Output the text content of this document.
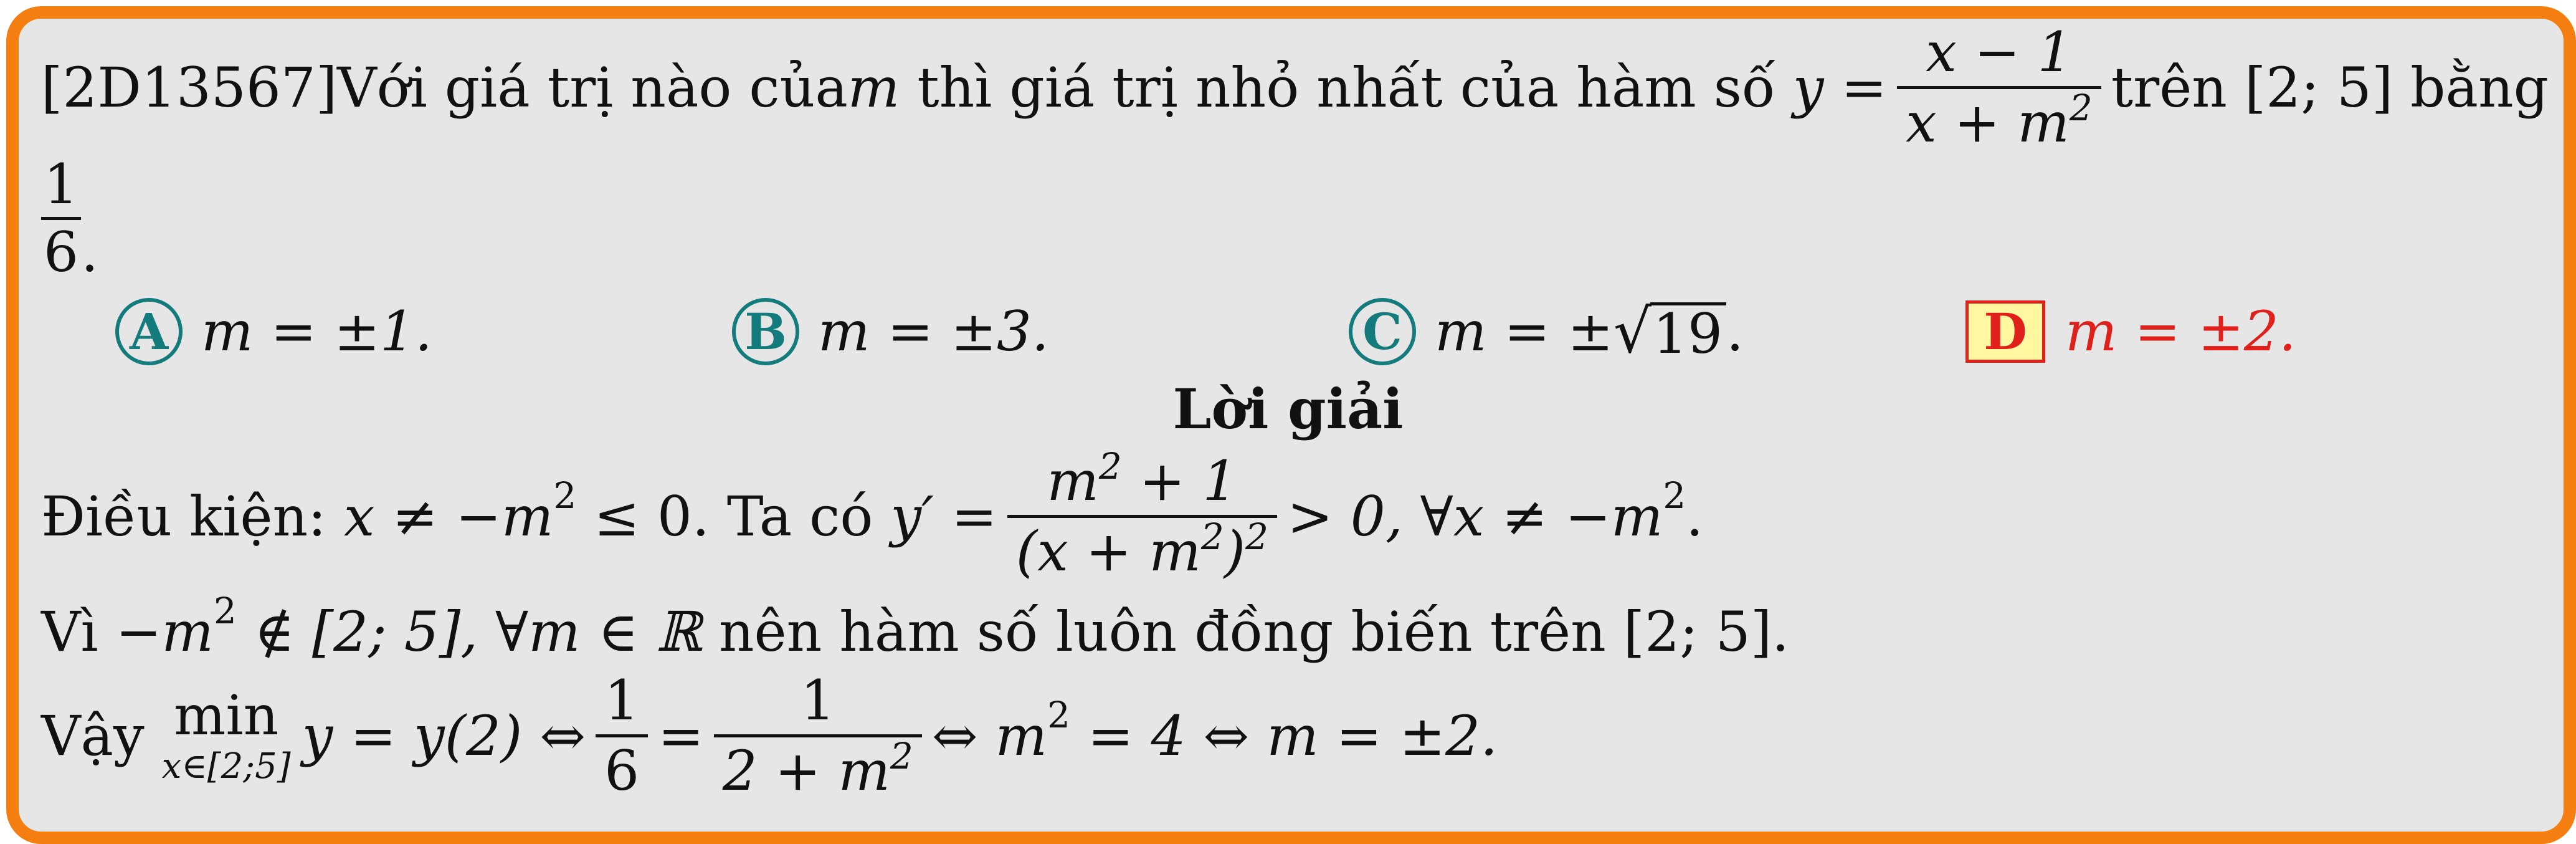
[2D13567] Với giá trị nào của m thì giá trị nhỏ nhất của hàm số $y = \frac{x - 1}{x + m^2}$ trên [2; 5] bằng
$\frac{1}{6}$ .
A m = ±1.	B m = ±3.	C m = ± √ 19 .	D m = ±2.
Lời giải
Điều kiện: x ≠ −m 2 ≤ 0 . Ta có $y' = \frac{m^2 + 1}{(x + m^2)^2} > 0$, ∀x ≠ −m 2 .
Vì −m 2 ∉ [2; 5], ∀m ∈ ℝ nên hàm số luôn đồng biến trên [2; 5].
Vậy min
x∈[2;5] y = y(2) ⇔ $\frac{1}{6} = \frac{1}{2 + m^2}$ ⇔ m 2 = 4 ⇔ m = ±2.
